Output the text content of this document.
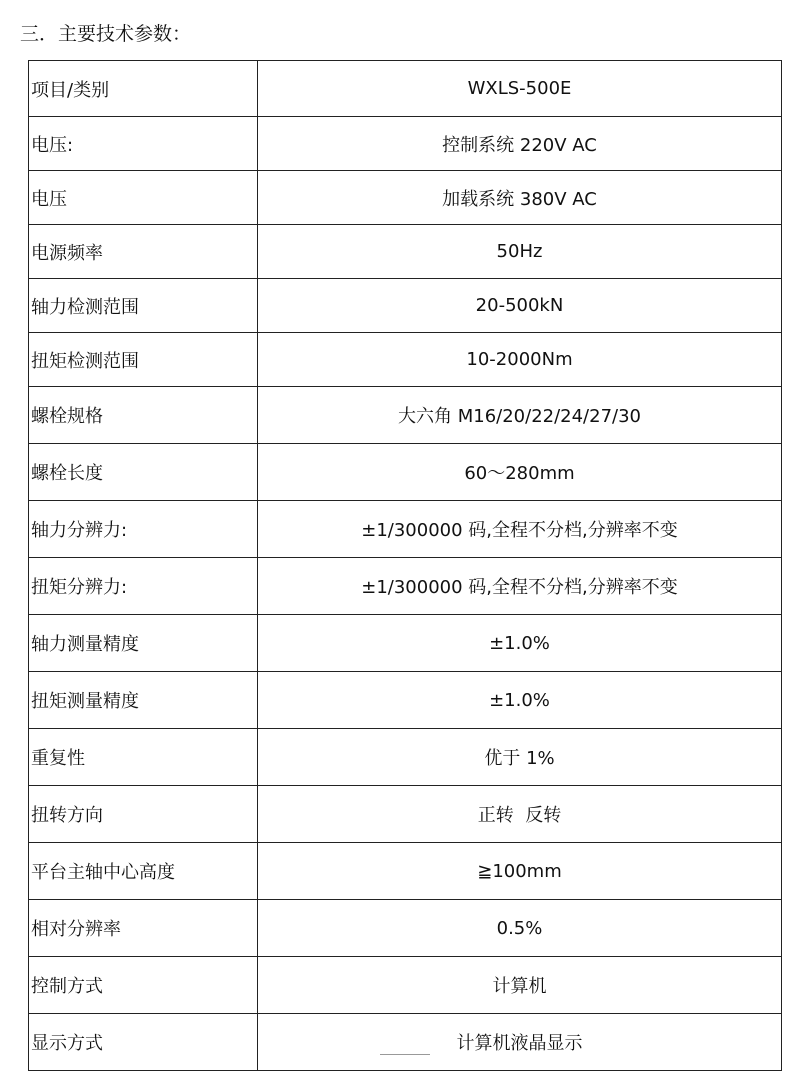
三．主要技术参数：
项目/类别	WXLS-500E
电压:	控制系统 220V AC
电压	加载系统 380V AC
电源频率	50Hz
轴力检测范围	20-500kN
扭矩检测范围	10-2000Nm
螺栓规格	大六角 M16/20/22/24/27/30
螺栓长度	60～280mm
轴力分辨力:	±1/300000 码,全程不分档,分辨率不变
扭矩分辨力:	±1/300000 码,全程不分档,分辨率不变
轴力测量精度	±1.0%
扭矩测量精度	±1.0%
重复性	优于 1%
扭转方向	正转  反转
平台主轴中心高度	≧100mm
相对分辨率	0.5%
控制方式	计算机
显示方式	计算机液晶显示
